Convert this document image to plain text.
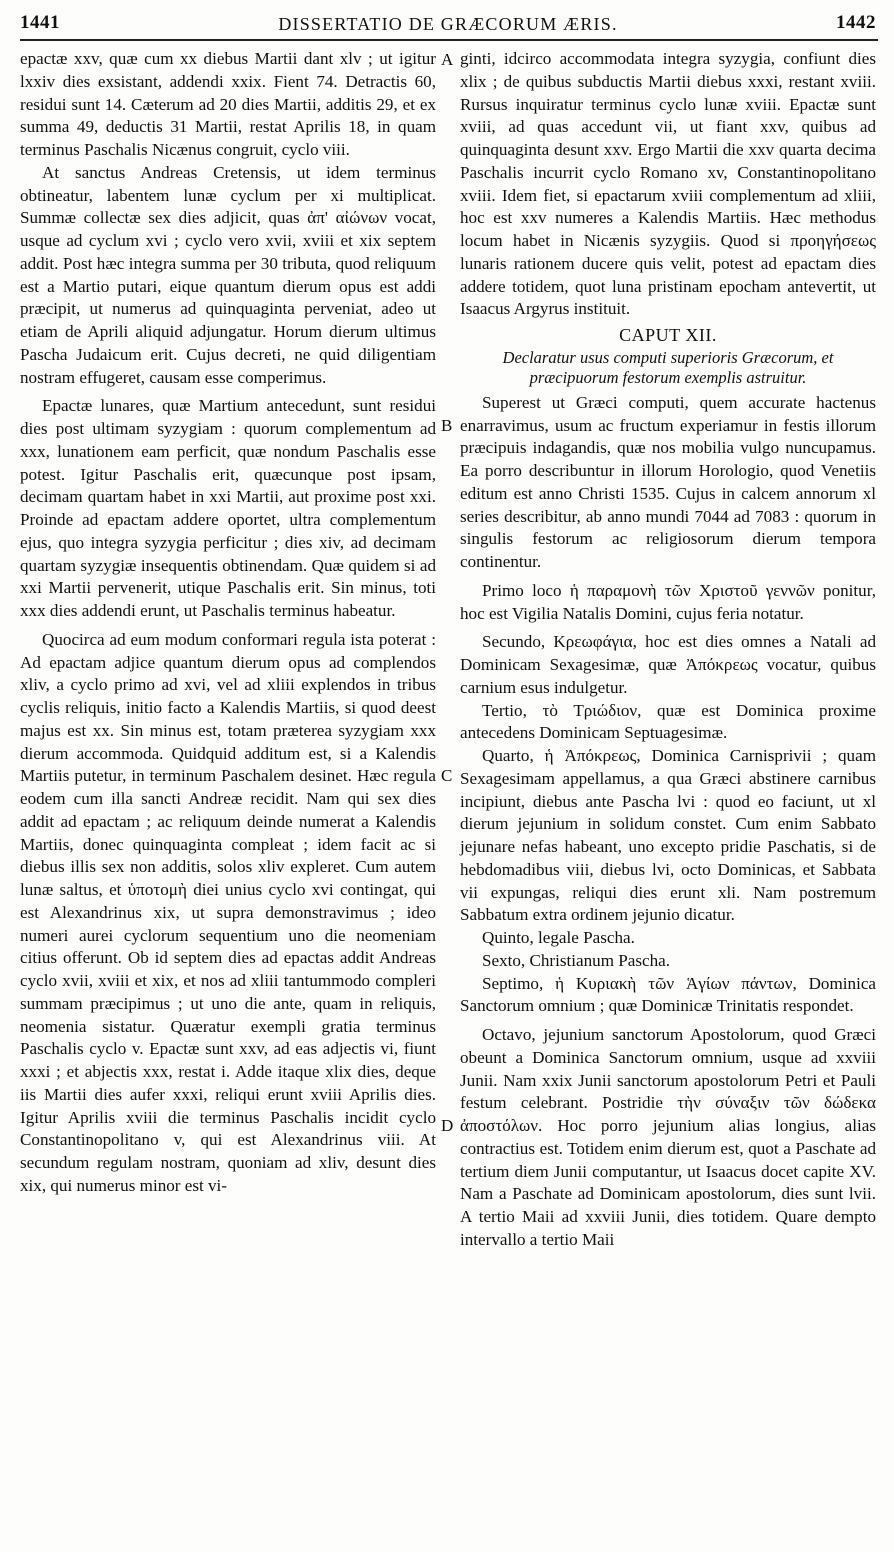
1441	DISSERTATIO DE GRÆCORUM ÆRIS.	1442
A
B
C
D

epactæ xxv, quæ cum xx diebus Martii dant xlv ; ut igitur lxxiv dies exsistant, addendi xxix. Fient 74. Detractis 60, residui sunt 14. Cæterum ad 20 dies Martii, additis 29, et ex summa 49, deductis 31 Martii, restat Aprilis 18, in quam terminus Paschalis Nicænus congruit, cyclo viii.

At sanctus Andreas Cretensis, ut idem terminus obtineatur, labentem lunæ cyclum per xi multiplicat. Summæ collectæ sex dies adjicit, quas ἀπ' αἰώνων vocat, usque ad cyclum xvi ; cyclo vero xvii, xviii et xix septem addit. Post hæc integra summa per 30 tributa, quod reliquum est a Martio putari, eique quantum dierum opus est addi præcipit, ut numerus ad quinquaginta perveniat, adeo ut etiam de Aprili aliquid adjungatur. Horum dierum ultimus Pascha Judaicum erit. Cujus decreti, ne quid diligentiam nostram effugeret, causam esse comperimus.

Epactæ lunares, quæ Martium antecedunt, sunt residui dies post ultimam syzygiam : quorum complementum ad xxx, lunationem eam perficit, quæ nondum Paschalis esse potest. Igitur Paschalis erit, quæcunque post ipsam, decimam quartam habet in xxi Martii, aut proxime post xxi. Proinde ad epactam addere oportet, ultra complementum ejus, quo integra syzygia perficitur ; dies xiv, ad decimam quartam syzygiæ insequentis obtinendam. Quæ quidem si ad xxi Martii pervenerit, utique Paschalis erit. Sin minus, toti xxx dies addendi erunt, ut Paschalis terminus habeatur.

Quocirca ad eum modum conformari regula ista poterat : Ad epactam adjice quantum dierum opus ad complendos xliv, a cyclo primo ad xvi, vel ad xliii explendos in tribus cyclis reliquis, initio facto a Kalendis Martiis, si quod deest majus est xx. Sin minus est, totam præterea syzygiam xxx dierum accommoda. Quidquid additum est, si a Kalendis Martiis putetur, in terminum Paschalem desinet. Hæc regula eodem cum illa sancti Andreæ recidit. Nam qui sex dies addit ad epactam ; ac reliquum deinde numerat a Kalendis Martiis, donec quinquaginta compleat ; idem facit ac si diebus illis sex non additis, solos xliv expleret. Cum autem lunæ saltus, et ὑποτομὴ diei unius cyclo xvi contingat, qui est Alexandrinus xix, ut supra demonstravimus ; ideo numeri aurei cyclorum sequentium uno die neomeniam citius offerunt. Ob id septem dies ad epactas addit Andreas cyclo xvii, xviii et xix, et nos ad xliii tantummodo compleri summam præcipimus ; ut uno die ante, quam in reliquis, neomenia sistatur. Quæratur exempli gratia terminus Paschalis cyclo v. Epactæ sunt xxv, ad eas adjectis vi, fiunt xxxi ; et abjectis xxx, restat i. Adde itaque xlix dies, deque iis Martii dies aufer xxxi, reliqui erunt xviii Aprilis dies. Igitur Aprilis xviii die terminus Paschalis incidit cyclo Constantinopolitano v, qui est Alexandrinus viii. At secundum regulam nostram, quoniam ad xliv, desunt dies xix, qui numerus minor est vi-

ginti, idcirco accommodata integra syzygia, confiunt dies xlix ; de quibus subductis Martii diebus xxxi, restant xviii. Rursus inquiratur terminus cyclo lunæ xviii. Epactæ sunt xviii, ad quas accedunt vii, ut fiant xxv, quibus ad quinquaginta desunt xxv. Ergo Martii die xxv quarta decima Paschalis incurrit cyclo Romano xv, Constantinopolitano xviii. Idem fiet, si epactarum xviii complementum ad xliii, hoc est xxv numeres a Kalendis Martiis. Hæc methodus locum habet in Nicænis syzygiis. Quod si προηγήσεως lunaris rationem ducere quis velit, potest ad epactam dies addere totidem, quot luna pristinam epocham antevertit, ut Isaacus Argyrus instituit.

CAPUT XII.
Declaratur usus computi superioris Græcorum, et præcipuorum festorum exemplis astruitur.

Superest ut Græci computi, quem accurate hactenus enarravimus, usum ac fructum experiamur in festis illorum præcipuis indagandis, quæ nos mobilia vulgo nuncupamus. Ea porro describuntur in illorum Horologio, quod Venetiis editum est anno Christi 1535. Cujus in calcem annorum xl series describitur, ab anno mundi 7044 ad 7083 : quorum in singulis festorum ac religiosorum dierum tempora continentur.

Primo loco ἡ παραμονὴ τῶν Χριστοῦ γεννῶν ponitur, hoc est Vigilia Natalis Domini, cujus feria notatur.

Secundo, Κρεωφάγια, hoc est dies omnes a Natali ad Dominicam Sexagesimæ, quæ Ἀπόκρεως vocatur, quibus carnium esus indulgetur.

Tertio, τὸ Τριώδιον, quæ est Dominica proxime antecedens Dominicam Septuagesimæ.

Quarto, ἡ Ἀπόκρεως, Dominica Carnisprivii ; quam Sexagesimam appellamus, a qua Græci abstinere carnibus incipiunt, diebus ante Pascha lvi : quod eo faciunt, ut xl dierum jejunium in solidum constet. Cum enim Sabbato jejunare nefas habeant, uno excepto pridie Paschatis, si de hebdomadibus viii, diebus lvi, octo Dominicas, et Sabbata vii expungas, reliqui dies erunt xli. Nam postremum Sabbatum extra ordinem jejunio dicatur.

Quinto, legale Pascha.

Sexto, Christianum Pascha.

Septimo, ἡ Κυριακὴ τῶν Ἁγίων πάντων, Dominica Sanctorum omnium ; quæ Dominicæ Trinitatis respondet.

Octavo, jejunium sanctorum Apostolorum, quod Græci obeunt a Dominica Sanctorum omnium, usque ad xxviii Junii. Nam xxix Junii sanctorum apostolorum Petri et Pauli festum celebrant. Postridie τὴν σύναξιν τῶν δώδεκα ἀποστόλων. Hoc porro jejunium alias longius, alias contractius est. Totidem enim dierum est, quot a Paschate ad tertium diem Junii computantur, ut Isaacus docet capite XV. Nam a Paschate ad Dominicam apostolorum, dies sunt lvii. A tertio Maii ad xxviii Junii, dies totidem. Quare dempto intervallo a tertio Maii
